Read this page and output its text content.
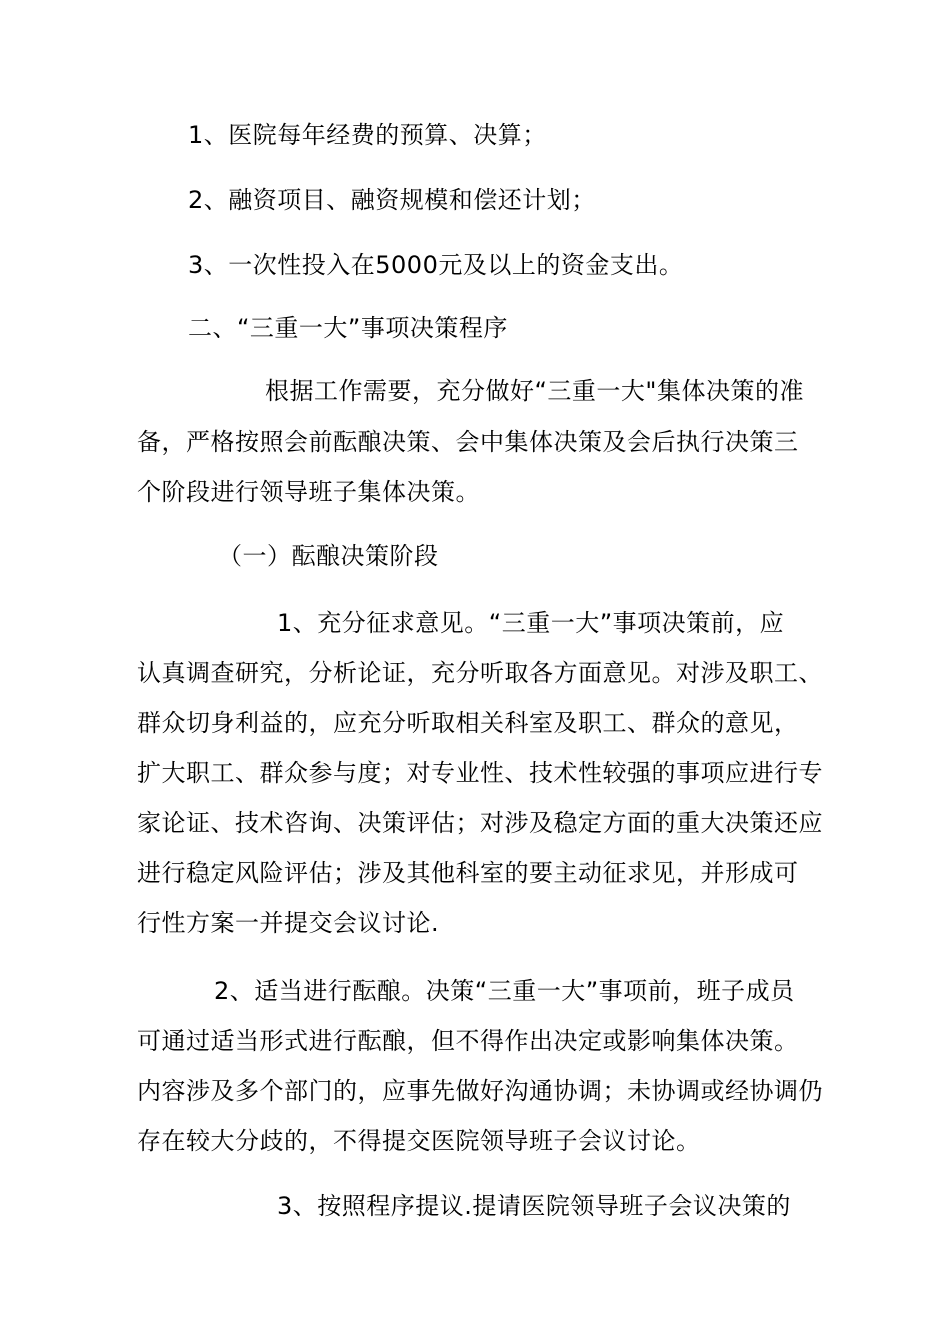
1、医院每年经费的预算、决算；
2、融资项目、融资规模和偿还计划；
3、一次性投入在5000元及以上的资金支出。
二、“三重一大”事项决策程序
根据工作需要，充分做好“三重一大"集体决策的准
备，严格按照会前酝酿决策、会中集体决策及会后执行决策三
个阶段进行领导班子集体决策。
（一）酝酿决策阶段
1、充分征求意见。“三重一大”事项决策前，应
认真调查研究，分析论证，充分听取各方面意见。对涉及职工、
群众切身利益的，应充分听取相关科室及职工、群众的意见，
扩大职工、群众参与度；对专业性、技术性较强的事项应进行专
家论证、技术咨询、决策评估；对涉及稳定方面的重大决策还应
进行稳定风险评估；涉及其他科室的要主动征求见，并形成可
行性方案一并提交会议讨论.
2、适当进行酝酿。决策“三重一大”事项前，班子成员
可通过适当形式进行酝酿，但不得作出决定或影响集体决策。
内容涉及多个部门的，应事先做好沟通协调；未协调或经协调仍
存在较大分歧的，不得提交医院领导班子会议讨论。
3、按照程序提议.提请医院领导班子会议决策的
